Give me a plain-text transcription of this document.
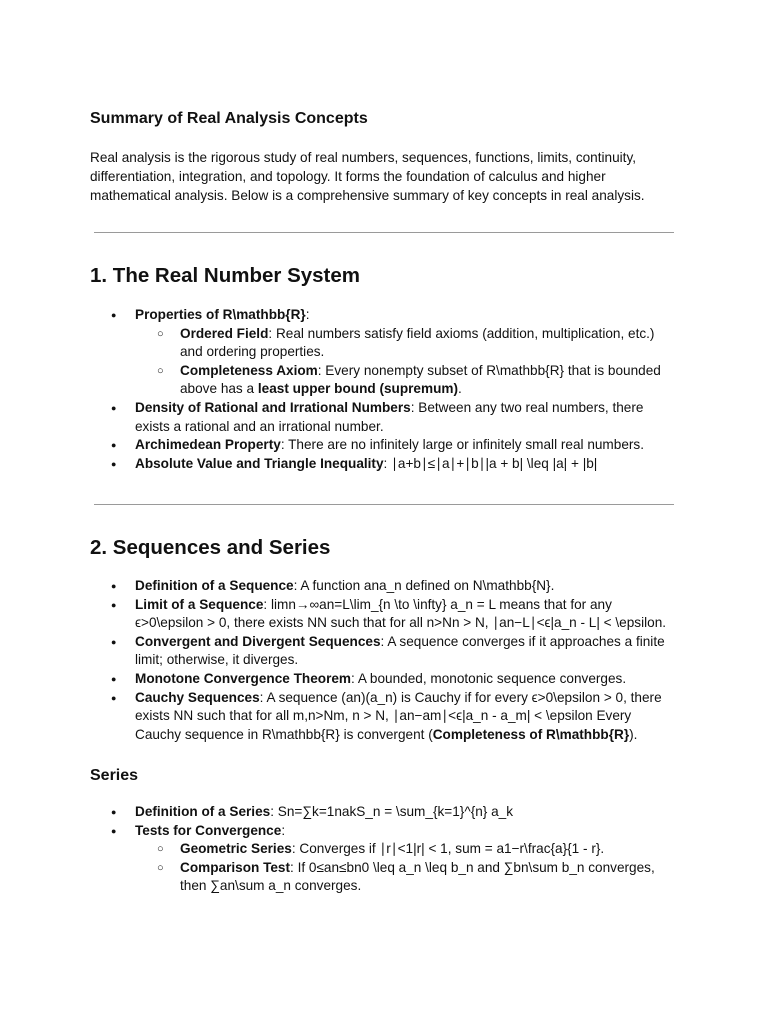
Summary of Real Analysis Concepts

Real analysis is the rigorous study of real numbers, sequences, functions, limits, continuity, differentiation, integration, and topology. It forms the foundation of calculus and higher mathematical analysis. Below is a comprehensive summary of key concepts in real analysis.

1. The Real Number System
● Properties of R\mathbb{R}:
○ Ordered Field: Real numbers satisfy field axioms (addition, multiplication, etc.) and ordering properties.
○ Completeness Axiom: Every nonempty subset of R\mathbb{R} that is bounded above has a least upper bound (supremum).
● Density of Rational and Irrational Numbers: Between any two real numbers, there exists a rational and an irrational number.
● Archimedean Property: There are no infinitely large or infinitely small real numbers.
● Absolute Value and Triangle Inequality: ∣a+b∣≤∣a∣+∣b∣|a + b| \leq |a| + |b|
2. Sequences and Series
● Definition of a Sequence: A function ana_n defined on N\mathbb{N}.
● Limit of a Sequence: lim⁡n→∞an=L\lim_{n \to \infty} a_n = L means that for any ϵ>0\epsilon > 0, there exists NN such that for all n>Nn > N, ∣an−L∣<ϵ|a_n - L| < \epsilon.
● Convergent and Divergent Sequences: A sequence converges if it approaches a finite limit; otherwise, it diverges.
● Monotone Convergence Theorem: A bounded, monotonic sequence converges.
● Cauchy Sequences: A sequence (an)(a_n) is Cauchy if for every ϵ>0\epsilon > 0, there exists NN such that for all m,n>Nm, n > N, ∣an−am∣<ϵ|a_n - a_m| < \epsilon Every Cauchy sequence in R\mathbb{R} is convergent (Completeness of R\mathbb{R}).
Series
● Definition of a Series: Sn=∑k=1nakS_n = \sum_{k=1}^{n} a_k
● Tests for Convergence:
○ Geometric Series: Converges if ∣r∣<1|r| < 1, sum = a1−r\frac{a}{1 - r}.
○ Comparison Test: If 0≤an≤bn0 \leq a_n \leq b_n and ∑bn\sum b_n converges, then ∑an\sum a_n converges.
